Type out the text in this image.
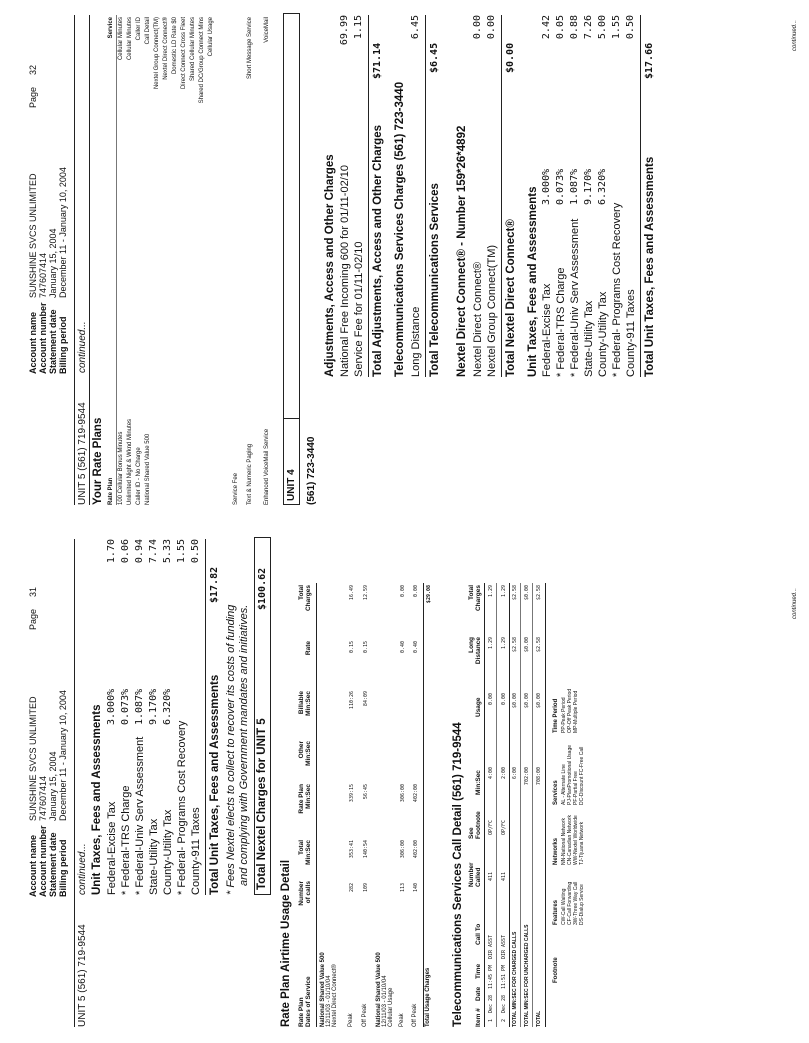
Account name Account number Statement date Billing period
SUNSHINE SVCS UNLIMITED 747607414 January 15, 2004 December 11 - January 10, 2004
Page
31
UNIT 5 (561) 719-9544
continued... Unit Taxes, Fees and Assessments Federal-Excise Tax
3.000%
1.70
* Federal-TRS Charge
0.073%
0.06
* Federal-Univ Serv Assessment
1.087%
0.94
State-Utility Tax
9.170%
7.74
County-Utility Tax
6.320%
5.33
* Federal- Programs Cost Recovery
1.55
County-911 Taxes
0.50
Total Unit Taxes, Fees and Assessments
$17.82
* Fees Nextel elects to collect to recover its costs of funding and complying with Government mandates and initiatives. Total Nextel Charges for UNIT 5
$100.62
Rate Plan Airtime Usage Detail Rate Plan
Dates of Service
Number
of calls
Total
Min:Sec
Rate Plan
Min:Sec
Other
Min:Sec
Billable
Min:Sec
Rate
Total
Charges
National Shared Value 500 12/11/03 - 01/10/04 Nextel Direct Connect® Peak
282
353:41
339:15
110:26
0.15
16.49
Off Peak
109
140:54
56:45
84:09
0.15
12.59
National Shared Value 500 12/11/03 - 01/10/04 Cellular Usage Peak
113
306:00
306:00
0.40
0.00
Off Peak
140
402:00
402:00
0.40
0.00
Total Usage Charges
$29.08
Telecommunications Services Call Detail (561) 719-9544 Item #
Date
Time
Call To
Number
Called
See
Footnote
Min:Sec
Usage
Long
Distance
Total
Charges
1
Dec 28
11:45 PM
DIR ASST
411
OP/FC
4:00
0.00
1.29
1.29
2
Dec 28
11:51 PM
DIR ASST
411
OP/FC
2:00
0.00
1.29
1.29
TOTAL MIN:SEC FOR CHARGED CALLS
6:00
$0.00
$2.58
$2.58
TOTAL MIN:SEC FOR UNCHARGED CALLS
702:00
$0.00
$0.00
$0.00
TOTAL
708:00
$0.00
$2.58
$2.58
Footnote
Features CW-Call Waiting CF-Call Forwarding 3W-Three Way Call DS-Dialup Service
Networks NN-National Network CN-Canadian Network WW-Nextel Worldwide TJ-Tijuana Network
Services AL - Alternate Line PJ-PlanPromotional Usage PF-Partial Free DC-Discount FC-Free Call
Time Period PP-Peak Period OP-Off Peak Period MP-Multiple Period
continued...
Account name Account number Statement date Billing period
SUNSHINE SVCS UNLIMITED 747607414 January 15, 2004 December 11 - January 10, 2004
Page
32
UNIT 5 (561) 719-9544
continued...
Your Rate Plans Rate Plan
Service
100 Cellular Bonus Minutes Unlimited Night & Wknd Minutes Caller ID - No Charge National Shared Value 500
Cellular Minutes Cellular Minutes Caller ID Call Detail Nextel Group Connect(TM) Nextel Direct Connect® Domestic LD Rate $0 Direct Connect Cross Fleet Shared Cellular Minutes Shared DC/Group Connect Mins Cellular Usage
Service Fee Text & Numeric Paging
Short Message Service
Enhanced VoiceMail Service
VoiceMail
UNIT 4 (561) 723-3440
Adjustments, Access and Other Charges National Free Incoming 600 for 01/11-02/10
69.99
Service Fee for 01/11-02/10
1.15
Total Adjustments, Access and Other Charges
$71.14
Telecommunications Services Charges (561) 723-3440 Long Distance
6.45
Total Telecommunications Services
$6.45
Nextel Direct Connect® - Number 159*26*4892 Nextel Direct Connect®
0.00
Nextel Group Connect(TM)
0.00
Total Nextel Direct Connect®
$0.00
Unit Taxes, Fees and Assessments Federal-Excise Tax
3.000%
2.42
* Federal-TRS Charge
0.073%
0.05
* Federal-Univ Serv Assessment
1.087%
0.88
State-Utility Tax
9.170%
7.26
County-Utility Tax
6.320%
5.00
* Federal- Programs Cost Recovery
1.55
County-911 Taxes
0.50
Total Unit Taxes, Fees and Assessments
$17.66
continued...
